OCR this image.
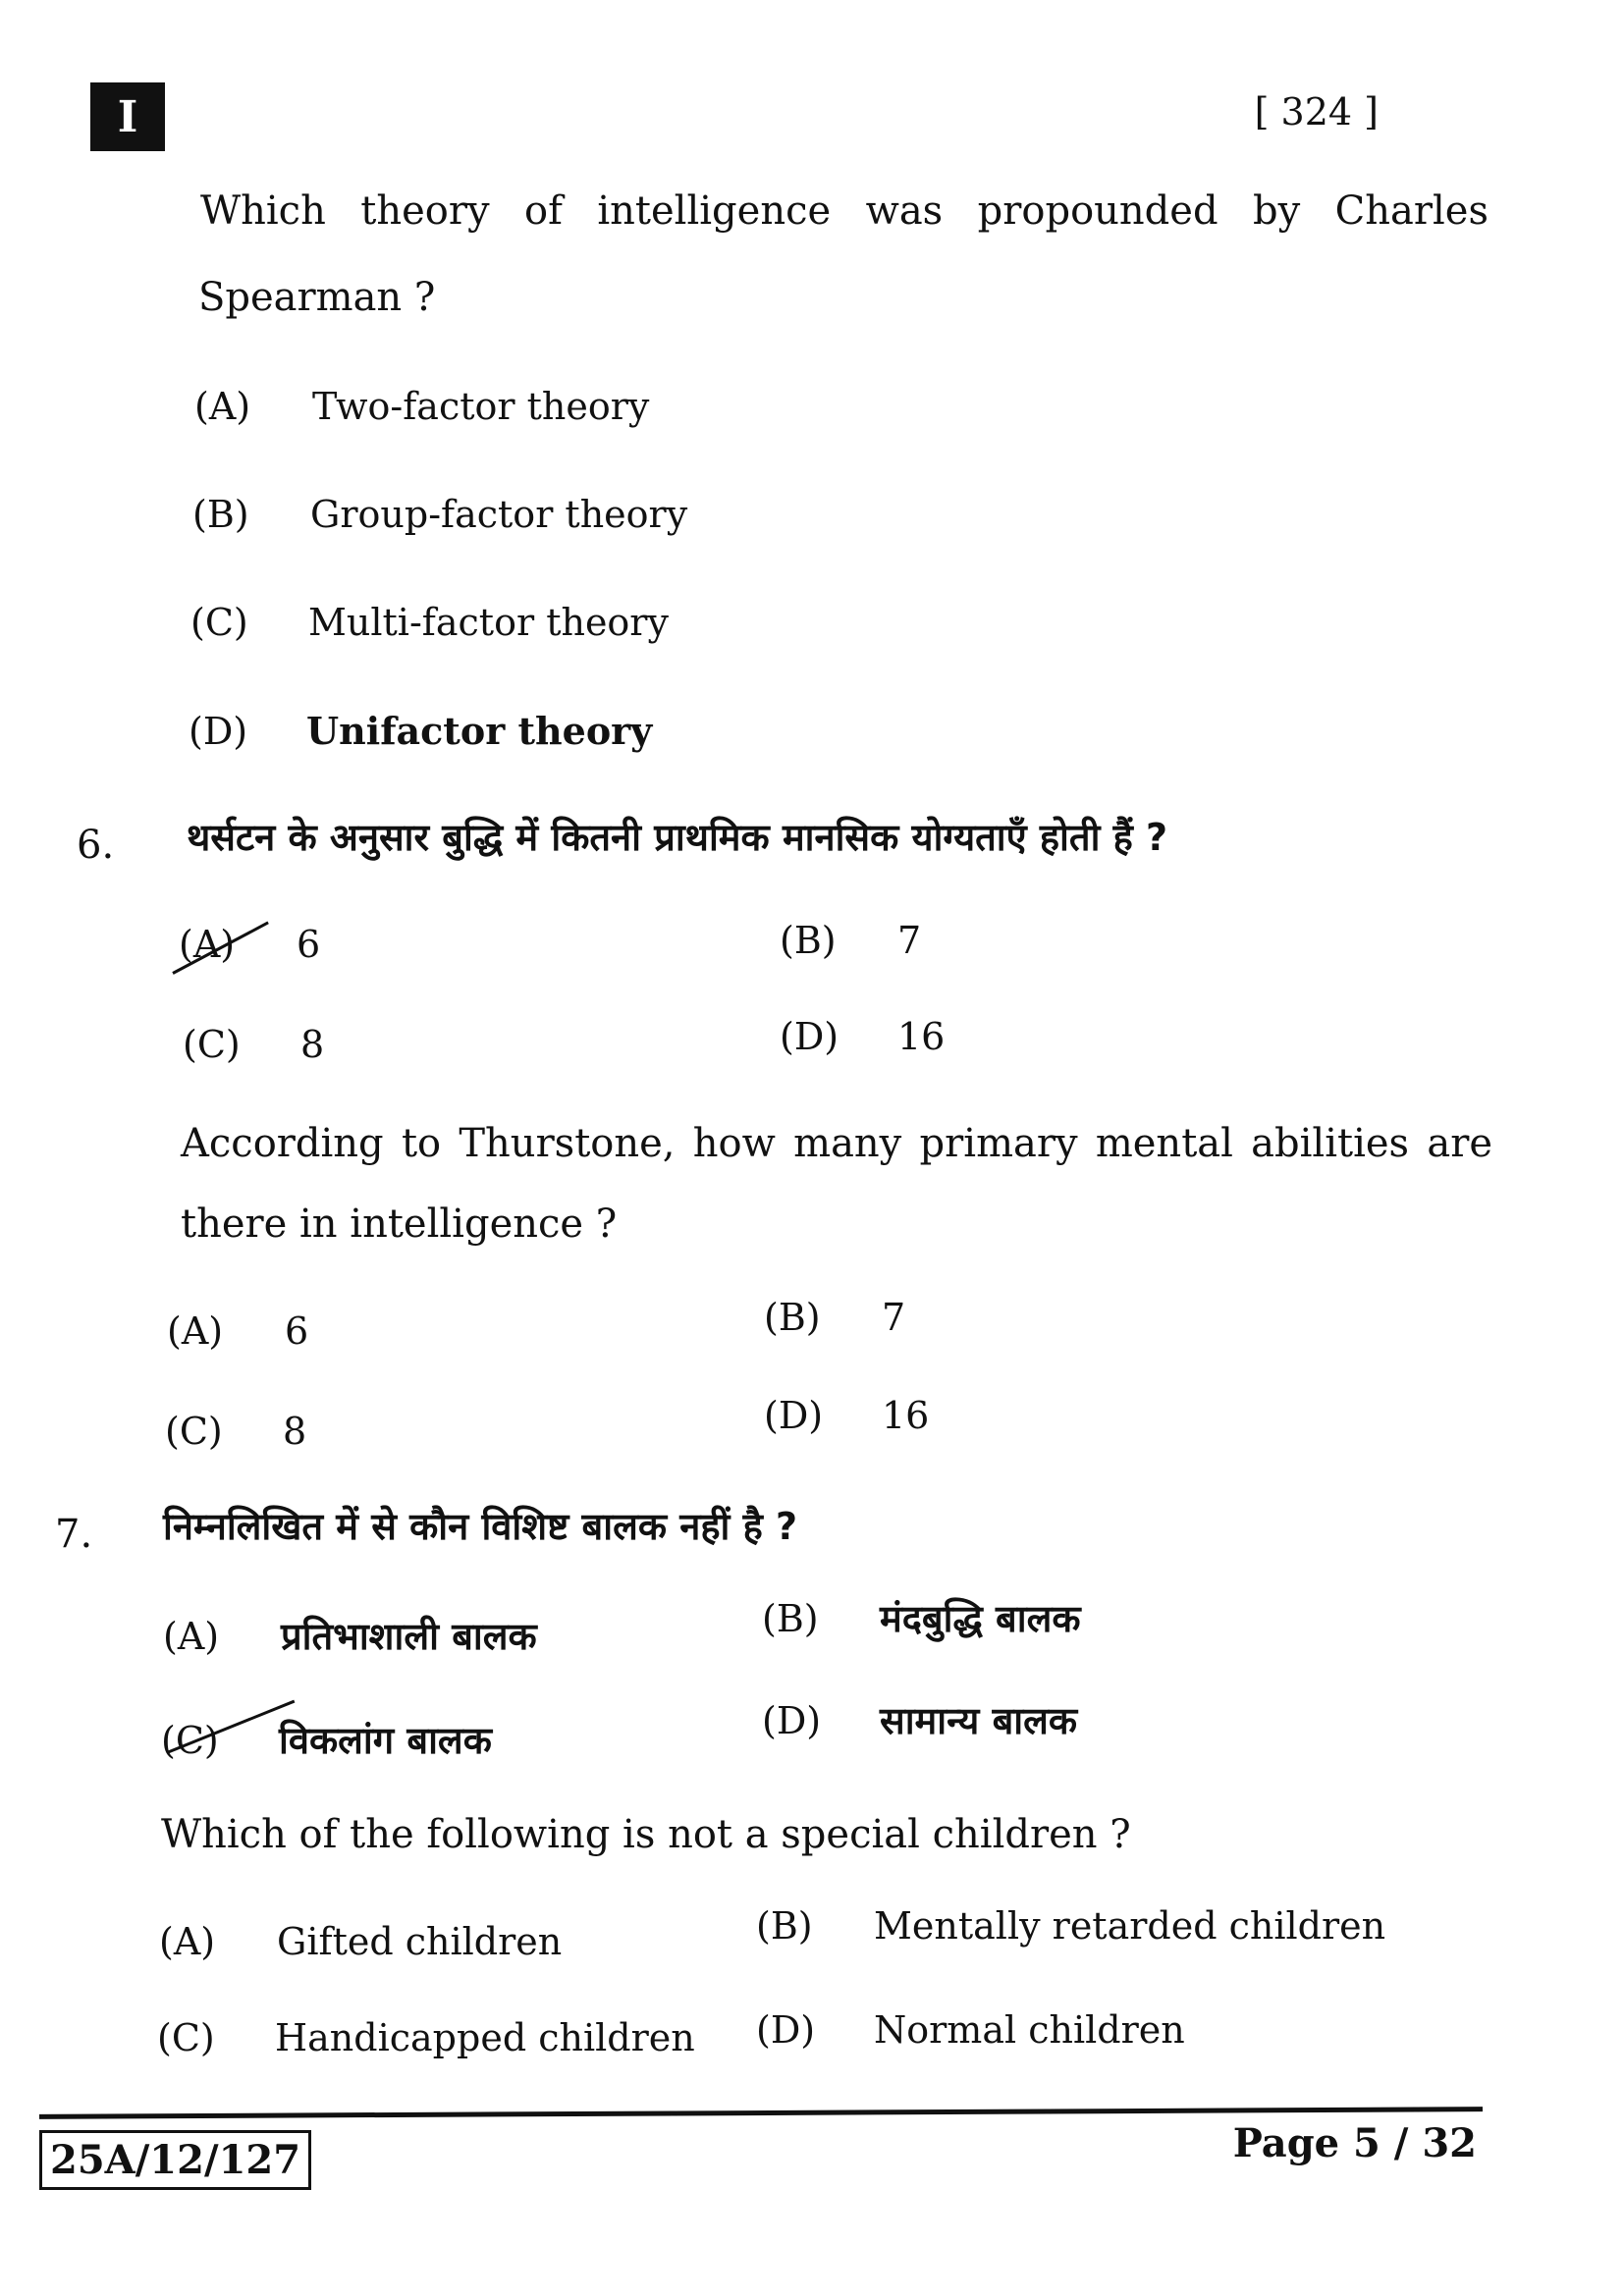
I	[ 324 ]
Which theory of intelligence was propounded by Charles
Spearman ?
(A) Two-factor theory
(B) Group-factor theory
(C) Multi-factor theory
(D) Unifactor theory
6. थर्सटन के अनुसार बुद्धि में कितनी प्राथमिक मानसिक योग्यताएँ होती हैं ?
(A) 6	(B) 7
(C) 8	(D) 16
According to Thurstone, how many primary mental abilities are
there in intelligence ?
(A) 6	(B) 7
(C) 8	(D) 16
7. निम्नलिखित में से कौन विशिष्ट बालक नहीं है ?
(A) प्रतिभाशाली बालक	(B) मंदबुद्धि बालक
(C) विकलांग बालक	(D) सामान्य बालक
Which of the following is not a special children ?
(A) Gifted children	(B) Mentally retarded children
(C) Handicapped children (D) Normal children
25A/12/127	Page 5 / 32
